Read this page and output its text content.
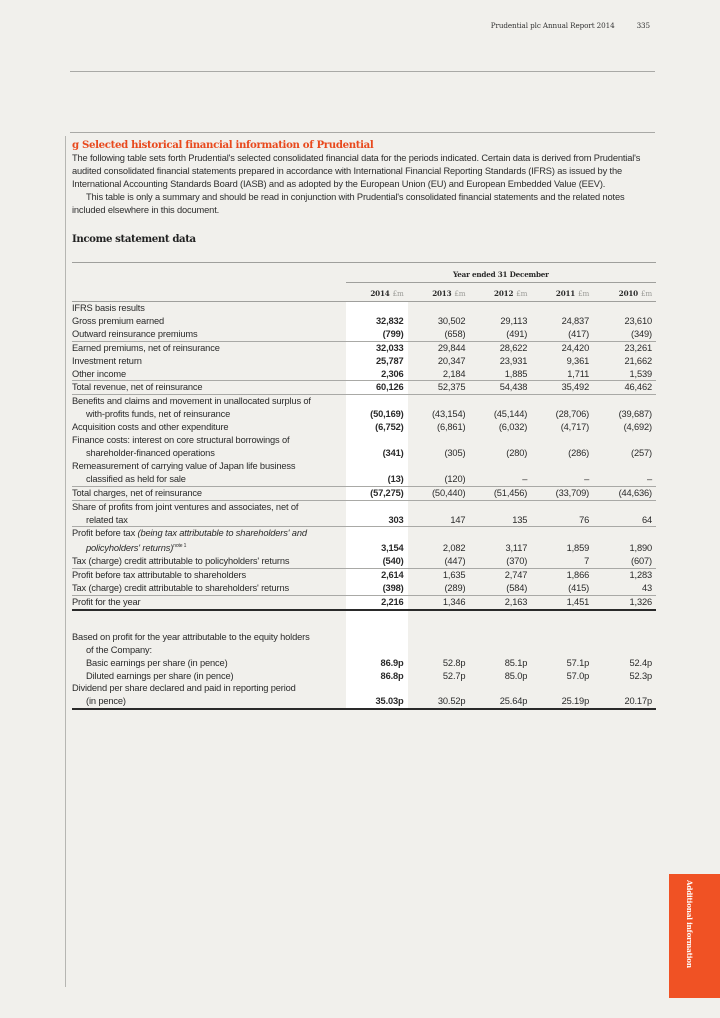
Prudential plc Annual Report 2014	335
g Selected historical financial information of Prudential

The following table sets forth Prudential's selected consolidated financial data for the periods indicated. Certain data is derived from Prudential's audited consolidated financial statements prepared in accordance with International Financial Reporting Standards (IFRS) as issued by the International Accounting Standards Board (IASB) and as adopted by the European Union (EU) and European Embedded Value (EEV).

This table is only a summary and should be read in conjunction with Prudential's consolidated financial statements and the related notes included elsewhere in this document.

Income statement data
	Year ended 31 December				
	2014 £m	2013 £m	2012 £m	2011 £m	2010 £m
IFRS basis results					
Gross premium earned	32,832	30,502	29,113	24,837	23,610
Outward reinsurance premiums	(799)	(658)	(491)	(417)	(349)
Earned premiums, net of reinsurance	32,033	29,844	28,622	24,420	23,261
Investment return	25,787	20,347	23,931	9,361	21,662
Other income	2,306	2,184	1,885	1,711	1,539
Total revenue, net of reinsurance	60,126	52,375	54,438	35,492	46,462
Benefits and claims and movement in unallocated surplus of					
with-profits funds, net of reinsurance	(50,169)	(43,154)	(45,144)	(28,706)	(39,687)
Acquisition costs and other expenditure	(6,752)	(6,861)	(6,032)	(4,717)	(4,692)
Finance costs: interest on core structural borrowings of					
shareholder-financed operations	(341)	(305)	(280)	(286)	(257)
Remeasurement of carrying value of Japan life business					
classified as held for sale	(13)	(120)	–	–	–
Total charges, net of reinsurance	(57,275)	(50,440)	(51,456)	(33,709)	(44,636)
Share of profits from joint ventures and associates, net of					
related tax	303	147	135	76	64
Profit before tax (being tax attributable to shareholders' and					
policyholders' returns)$^{note 1}$	3,154	2,082	3,117	1,859	1,890
Tax (charge) credit attributable to policyholders' returns	(540)	(447)	(370)	7	(607)
Profit before tax attributable to shareholders	2,614	1,635	2,747	1,866	1,283
Tax (charge) credit attributable to shareholders' returns	(398)	(289)	(584)	(415)	43
Profit for the year	2,216	1,346	2,163	1,451	1,326

Based on profit for the year attributable to the equity holders					
of the Company:					
Basic earnings per share (in pence)	86.9p	52.8p	85.1p	57.1p	52.4p
Diluted earnings per share (in pence)	86.8p	52.7p	85.0p	57.0p	52.3p
Dividend per share declared and paid in reporting period					
(in pence)	35.03p	30.52p	25.64p	25.19p	20.17p
Additional information
